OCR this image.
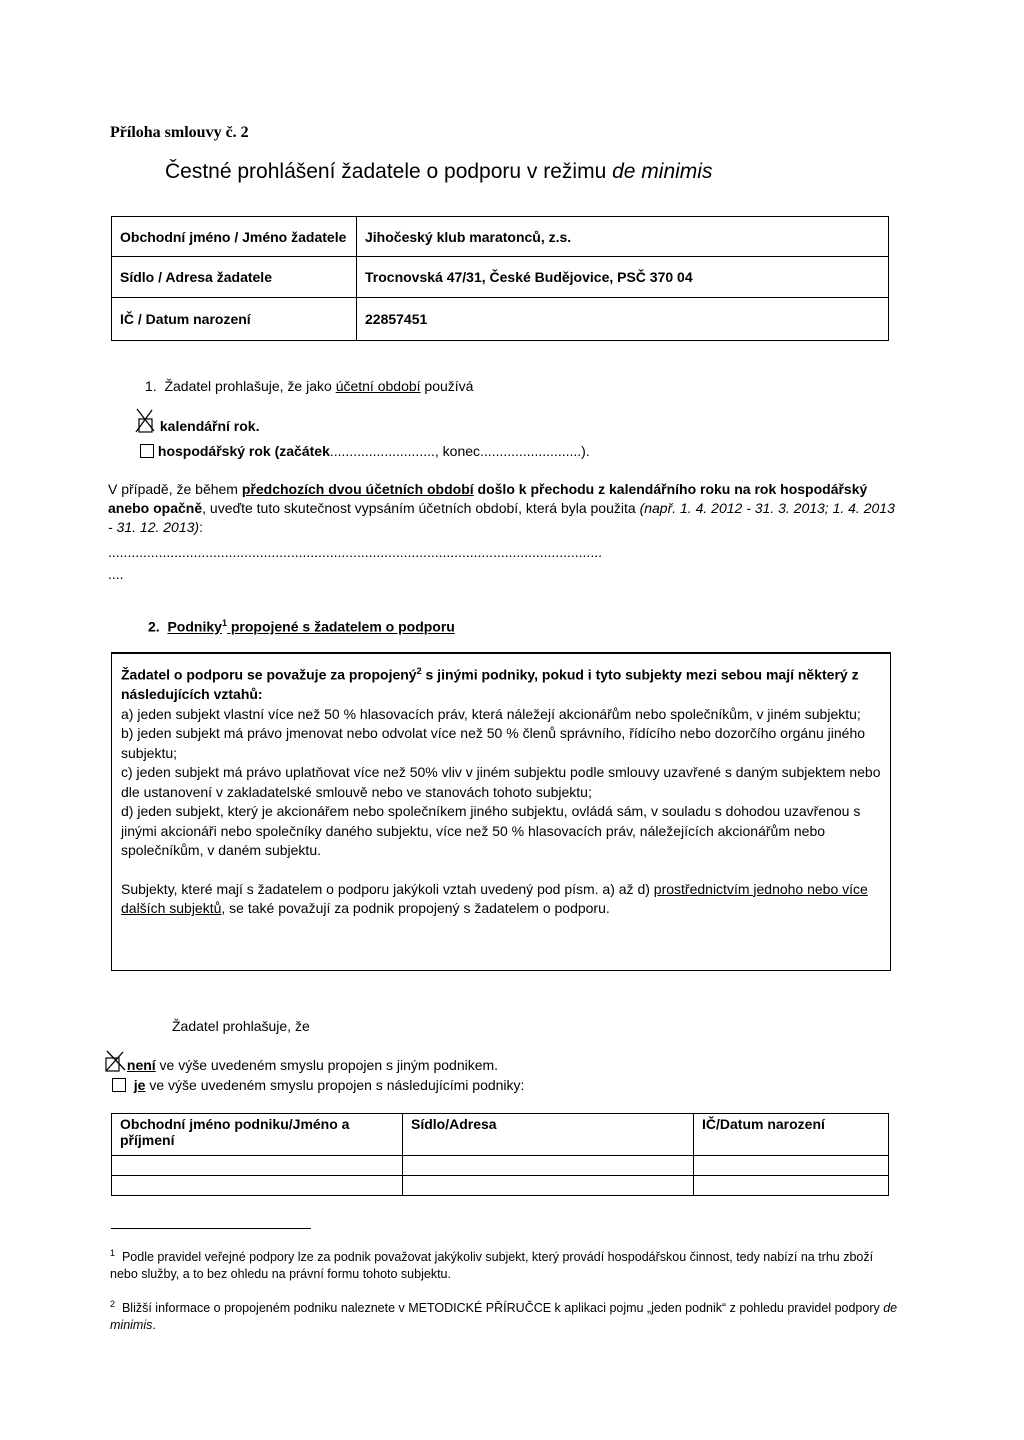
Příloha smlouvy č. 2
Čestné prohlášení žadatele o podporu v režimu de minimis
Obchodní jméno / Jméno žadatele	Jihočeský klub maratonců, z.s.
Sídlo / Adresa žadatele	Trocnovská 47/31, České Budějovice, PSČ 370 04
IČ / Datum narození	22857451
1. Žadatel prohlašuje, že jako účetní období používá
kalendářní rok.
hospodářský rok (začátek..........................., konec..........................).
V případě, že během předchozích dvou účetních období došlo k přechodu z kalendářního roku na rok hospodářský anebo opačně, uveďte tuto skutečnost vypsáním účetních období, která byla použita (např. 1. 4. 2012 - 31. 3. 2013; 1. 4. 2013 - 31. 12. 2013):
...............................................................................................................................
....
2. Podniky$^1$ propojené s žadatelem o podporu
Žadatel o podporu se považuje za propojený$^2$ s jinými podniky, pokud i tyto subjekty mezi sebou mají některý z následujících vztahů:
a) jeden subjekt vlastní více než 50 % hlasovacích práv, která náležejí akcionářům nebo společníkům, v jiném subjektu;
b) jeden subjekt má právo jmenovat nebo odvolat více než 50 % členů správního, řídícího nebo dozorčího orgánu jiného subjektu;
c) jeden subjekt má právo uplatňovat více než 50% vliv v jiném subjektu podle smlouvy uzavřené s daným subjektem nebo dle ustanovení v zakladatelské smlouvě nebo ve stanovách tohoto subjektu;
d) jeden subjekt, který je akcionářem nebo společníkem jiného subjektu, ovládá sám, v souladu s dohodou uzavřenou s jinými akcionáři nebo společníky daného subjektu, více než 50 % hlasovacích práv, náležejících akcionářům nebo společníkům, v daném subjektu.
Subjekty, které mají s žadatelem o podporu jakýkoli vztah uvedený pod písm. a) až d) prostřednictvím jednoho nebo více dalších subjektů, se také považují za podnik propojený s žadatelem o podporu.
Žadatel prohlašuje, že
není ve výše uvedeném smyslu propojen s jiným podnikem.
je ve výše uvedeném smyslu propojen s následujícími podniky:
Obchodní jméno podniku/Jméno a příjmení	Sídlo/Adresa	IČ/Datum narození

$^1$ Podle pravidel veřejné podpory lze za podnik považovat jakýkoliv subjekt, který provádí hospodářskou činnost, tedy nabízí na trhu zboží nebo služby, a to bez ohledu na právní formu tohoto subjektu.
$^2$ Bližší informace o propojeném podniku naleznete v METODICKÉ PŘÍRUČCE k aplikaci pojmu „jeden podnik“ z pohledu pravidel podpory de minimis.
